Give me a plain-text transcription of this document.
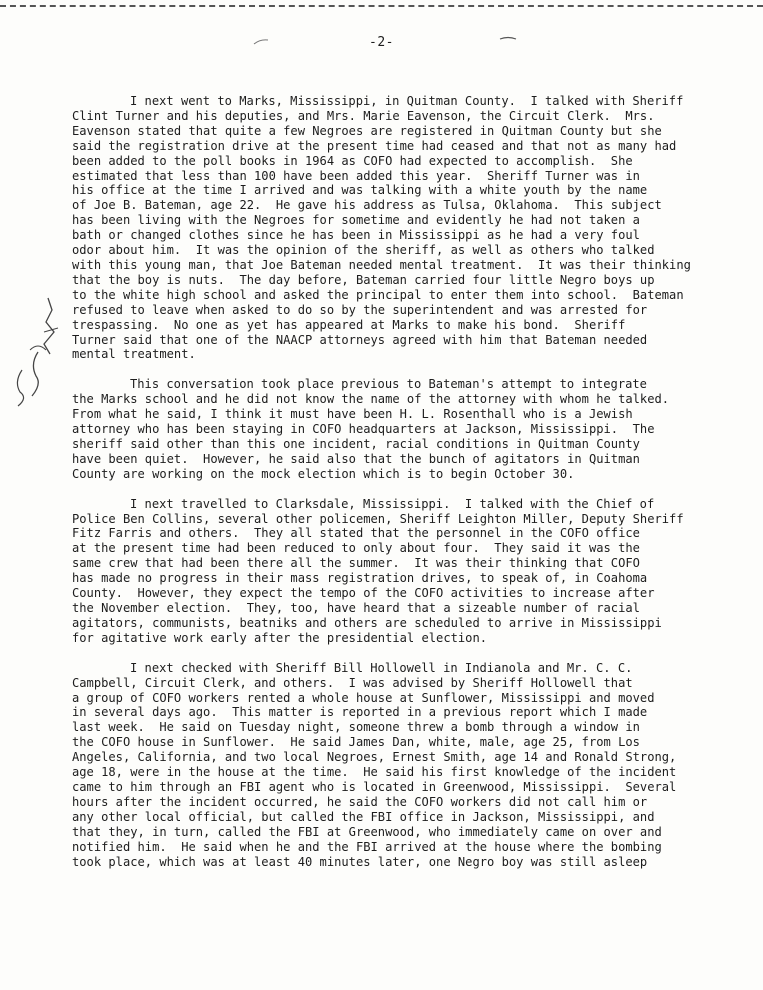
-2-

I next went to Marks, Mississippi, in Quitman County.  I talked with Sheriff
Clint Turner and his deputies, and Mrs. Marie Eavenson, the Circuit Clerk.  Mrs.
Eavenson stated that quite a few Negroes are registered in Quitman County but she
said the registration drive at the present time had ceased and that not as many had
been added to the poll books in 1964 as COFO had expected to accomplish.  She
estimated that less than 100 have been added this year.  Sheriff Turner was in
his office at the time I arrived and was talking with a white youth by the name
of Joe B. Bateman, age 22.  He gave his address as Tulsa, Oklahoma.  This subject
has been living with the Negroes for sometime and evidently he had not taken a
bath or changed clothes since he has been in Mississippi as he had a very foul
odor about him.  It was the opinion of the sheriff, as well as others who talked
with this young man, that Joe Bateman needed mental treatment.  It was their thinking
that the boy is nuts.  The day before, Bateman carried four little Negro boys up
to the white high school and asked the principal to enter them into school.  Bateman
refused to leave when asked to do so by the superintendent and was arrested for
trespassing.  No one as yet has appeared at Marks to make his bond.  Sheriff
Turner said that one of the NAACP attorneys agreed with him that Bateman needed
mental treatment.

This conversation took place previous to Bateman's attempt to integrate
the Marks school and he did not know the name of the attorney with whom he talked.
From what he said, I think it must have been H. L. Rosenthall who is a Jewish
attorney who has been staying in COFO headquarters at Jackson, Mississippi.  The
sheriff said other than this one incident, racial conditions in Quitman County
have been quiet.  However, he said also that the bunch of agitators in Quitman
County are working on the mock election which is to begin October 30.

I next travelled to Clarksdale, Mississippi.  I talked with the Chief of
Police Ben Collins, several other policemen, Sheriff Leighton Miller, Deputy Sheriff
Fitz Farris and others.  They all stated that the personnel in the COFO office
at the present time had been reduced to only about four.  They said it was the
same crew that had been there all the summer.  It was their thinking that COFO
has made no progress in their mass registration drives, to speak of, in Coahoma
County.  However, they expect the tempo of the COFO activities to increase after
the November election.  They, too, have heard that a sizeable number of racial
agitators, communists, beatniks and others are scheduled to arrive in Mississippi
for agitative work early after the presidential election.

I next checked with Sheriff Bill Hollowell in Indianola and Mr. C. C.
Campbell, Circuit Clerk, and others.  I was advised by Sheriff Hollowell that
a group of COFO workers rented a whole house at Sunflower, Mississippi and moved
in several days ago.  This matter is reported in a previous report which I made
last week.  He said on Tuesday night, someone threw a bomb through a window in
the COFO house in Sunflower.  He said James Dan, white, male, age 25, from Los
Angeles, California, and two local Negroes, Ernest Smith, age 14 and Ronald Strong,
age 18, were in the house at the time.  He said his first knowledge of the incident
came to him through an FBI agent who is located in Greenwood, Mississippi.  Several
hours after the incident occurred, he said the COFO workers did not call him or
any other local official, but called the FBI office in Jackson, Mississippi, and
that they, in turn, called the FBI at Greenwood, who immediately came on over and
notified him.  He said when he and the FBI arrived at the house where the bombing
took place, which was at least 40 minutes later, one Negro boy was still asleep
